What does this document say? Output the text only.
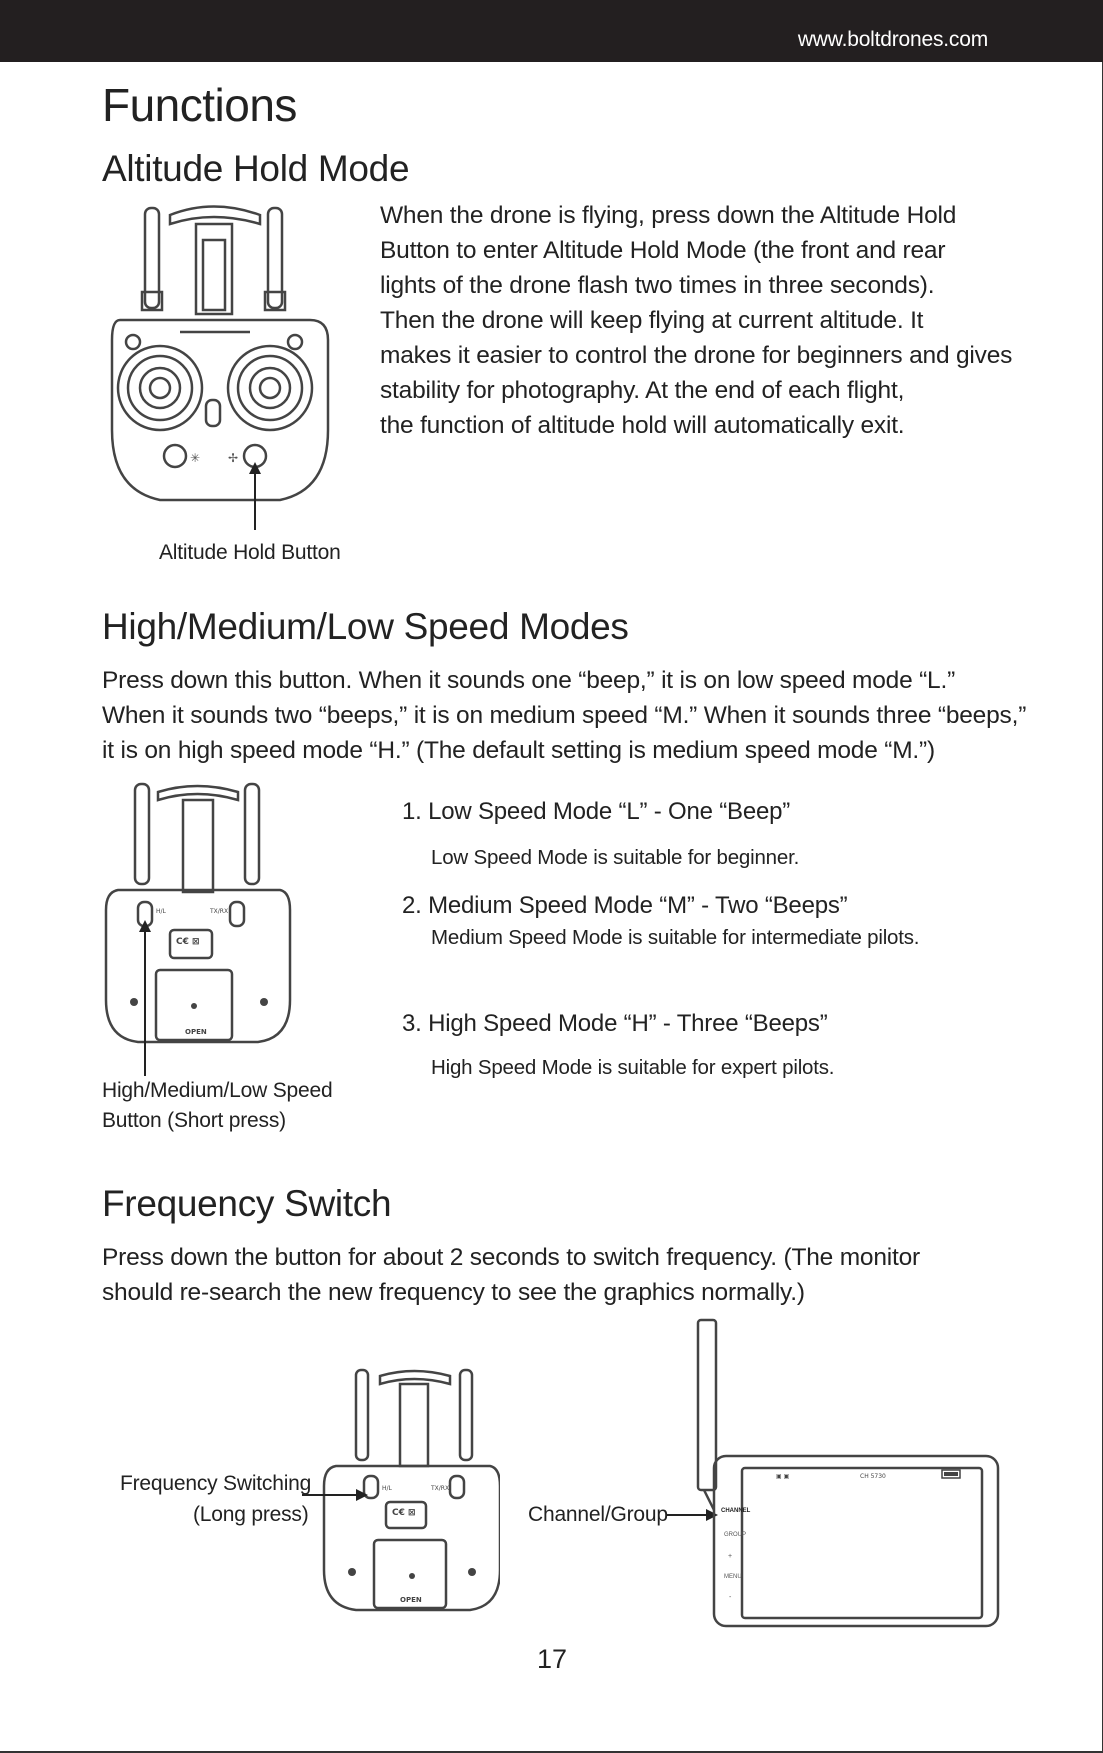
www.boltdrones.com
Functions
Altitude Hold Mode
✳ ✢

Altitude Hold Button

When the drone is flying, press down the Altitude Hold
Button to enter Altitude Hold Mode (the front and rear
lights of the drone flash two times in three seconds).
Then the drone will keep flying at current altitude. It
makes it easier to control the drone for beginners and gives
stability for photography. At the end of each flight,
the function of altitude hold will automatically exit.

High/Medium/Low Speed Modes

Press down this button. When it sounds one “beep,” it is on low speed mode “L.”
When it sounds two “beeps,” it is on medium speed “M.” When it sounds three “beeps,”
it is on high speed mode “H.” (The default setting is medium speed mode “M.”)

H/L	TX/RX
C€ ⊠
OPEN

High/Medium/Low Speed
Button (Short press)

1. Low Speed Mode “L” - One “Beep”

Low Speed Mode is suitable for beginner.

2. Medium Speed Mode “M” - Two “Beeps”

Medium Speed Mode is suitable for intermediate pilots.

3. High Speed Mode “H” - Three “Beeps”

High Speed Mode is suitable for expert pilots.

Frequency Switch

Press down the button for about 2 seconds to switch frequency. (The monitor
should re-search the new frequency to see the graphics normally.)

Frequency Switching

(Long press)

H/L	TX/RX
C€ ⊠
OPEN

Channel/Group

▣ ▣	CH 5730
CHANNEL
GROUP
+
MENU
-

17
